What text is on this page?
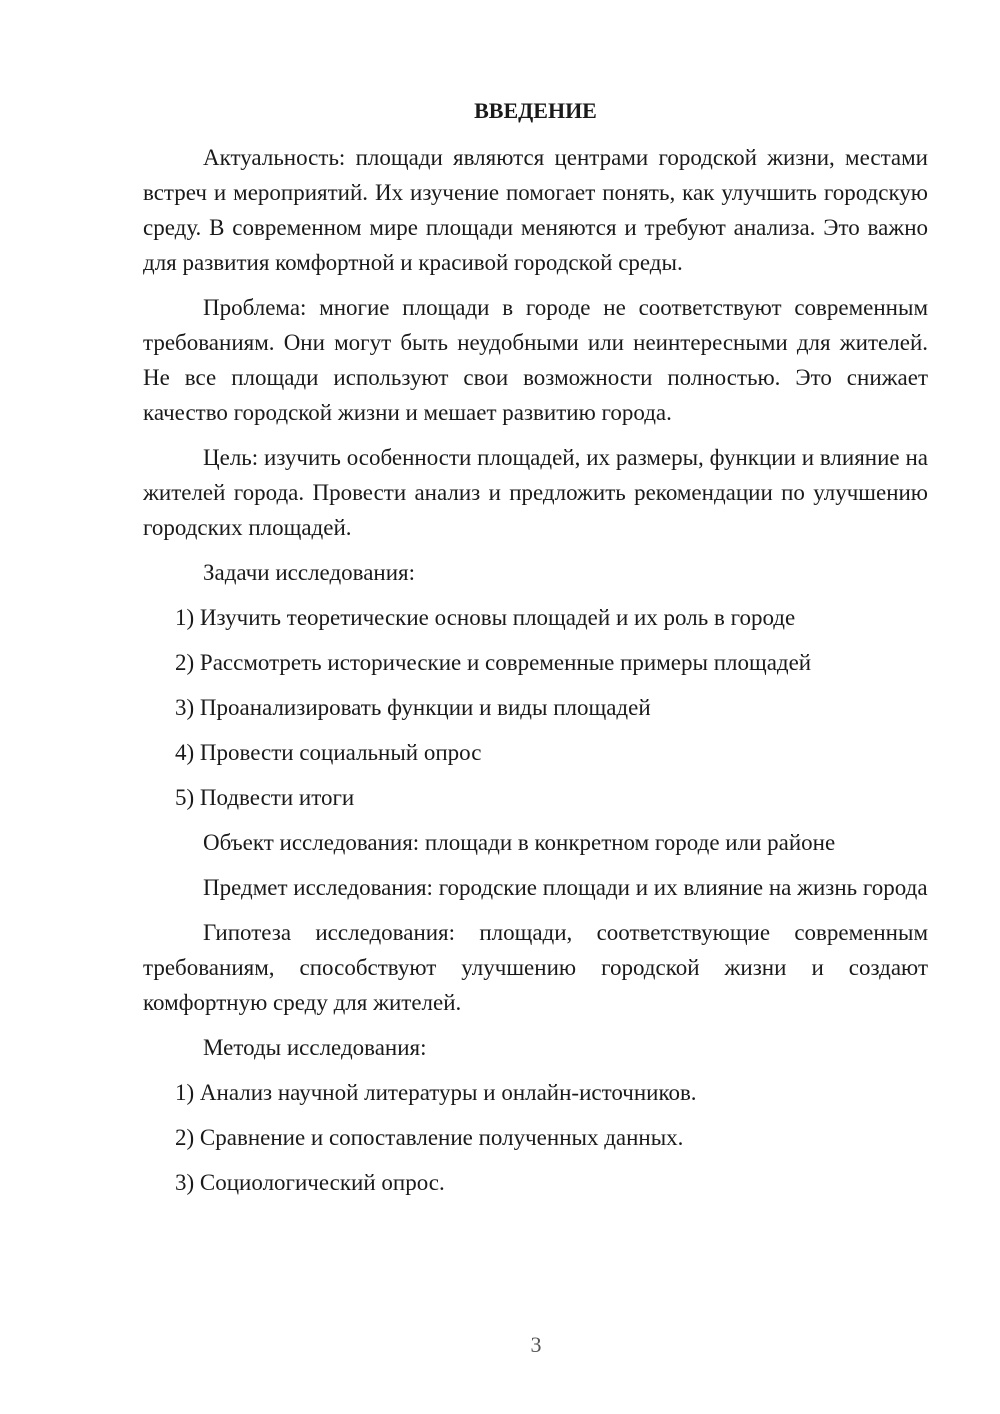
ВВЕДЕНИЕ

Актуальность: площади являются центрами городской жизни, местами встреч и мероприятий. Их изучение помогает понять, как улучшить городскую среду. В современном мире площади меняются и требуют анализа. Это важно для развития комфортной и красивой городской среды.

Проблема: многие площади в городе не соответствуют современным требованиям. Они могут быть неудобными или неинтересными для жителей. Не все площади используют свои возможности полностью. Это снижает качество городской жизни и мешает развитию города.

Цель: изучить особенности площадей, их размеры, функции и влияние на жителей города. Провести анализ и предложить рекомендации по улучшению городских площадей.

Задачи исследования:

1) Изучить теоретические основы площадей и их роль в городе
2) Рассмотреть исторические и современные примеры площадей
3) Проанализировать функции и виды площадей
4) Провести социальный опрос
5) Подвести итоги

Объект исследования: площади в конкретном городе или районе

Предмет исследования: городские площади и их влияние на жизнь города

Гипотеза исследования: площади, соответствующие современным требованиям, способствуют улучшению городской жизни и создают комфортную среду для жителей.

Методы исследования:

1) Анализ научной литературы и онлайн-источников.
2) Сравнение и сопоставление полученных данных.
3) Социологический опрос.
3
